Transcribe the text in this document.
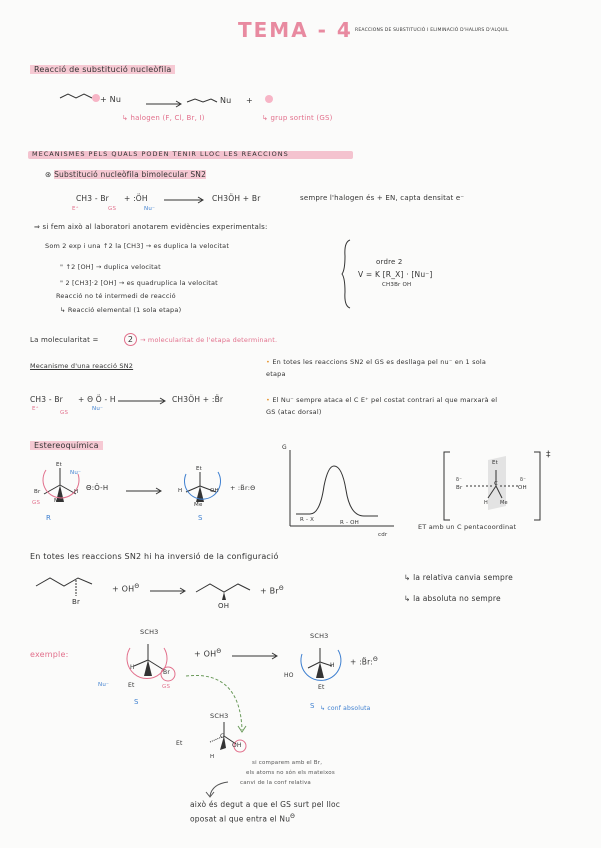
TEMA - 4 REACCIONS DE SUBSTITUCIÓ I ELIMINACIÓ D'HALURS D'ALQUIL
Reacció de substitució nucleòfila
+ Nu	Nu +
↳ halogen (F, Cl, Br, I)	↳ grup sortint (GS)
MECANISMES PELS QUALS PODEN TENIR LLOC LES REACCIONS
⊛ Substitució nucleòfila bimolecular SN2
CH3 - Br + :ÖH	CH3ÖH + Br
E⁺	GS	Nu⁻
sempre l'halogen és + EN, capta densitat e⁻
⇒ si fem això al laboratori anotarem evidències experimentals:
Som 2 exp i una ↑2 la [CH3] → es duplica la velocitat
" ↑2 [OH] → duplica velocitat
" 2 [CH3]·2 [OH] → es quadruplica la velocitat
Reacció no té intermedi de reacció
↳ Reacció elemental (1 sola etapa)
ordre 2
V = K [R_X] · [Nu⁻]
CH3Br OH
La molecularitat =	2	→ molecularitat de l'etapa determinant.
Mecanisme d'una reacció SN2
CH3 - Br + Θ Ö - H	CH3ÖH + :B̈r
E⁺
GS
Nu⁻
• En totes les reaccions SN2 el GS es desllaga pel nu⁻ en 1 sola etapa
• El Nu⁻ sempre ataca el C E⁺ pel costat contrari al que marxarà el GS (atac dorsal)
Estereoquímica
Et
Nu⁻
Br
Me
GS
H
R
Θ:Ö-H
Et
H	OH
Me
S
+ :B̈r:Θ
G
cdr
R - X	R - OH
δ⁻
Br
Et
C
δ⁻
OH
H Me
‡
ET amb un C pentacoordinat
En totes les reaccions SN2 hi ha inversió de la configuració
Br
+ $OH^\Theta$
OH
+ $Br^\Theta$
↳ la relativa canvia sempre
↳ la absoluta no sempre
exemple:
SCH3
H
Br
Et
Nu⁻	GS
S
+ $OH^\Theta$
SCH3
H
HO
Et
+ :B̈r:$^\Theta$
S ↳ conf absoluta
SCH3
Et
C
OH
H
si comparem amb el Br,
els atoms no són els mateixos
canvi de la conf relativa
això és degut a que el GS surt pel lloc
oposat al que entra el $Nu^\Theta$
